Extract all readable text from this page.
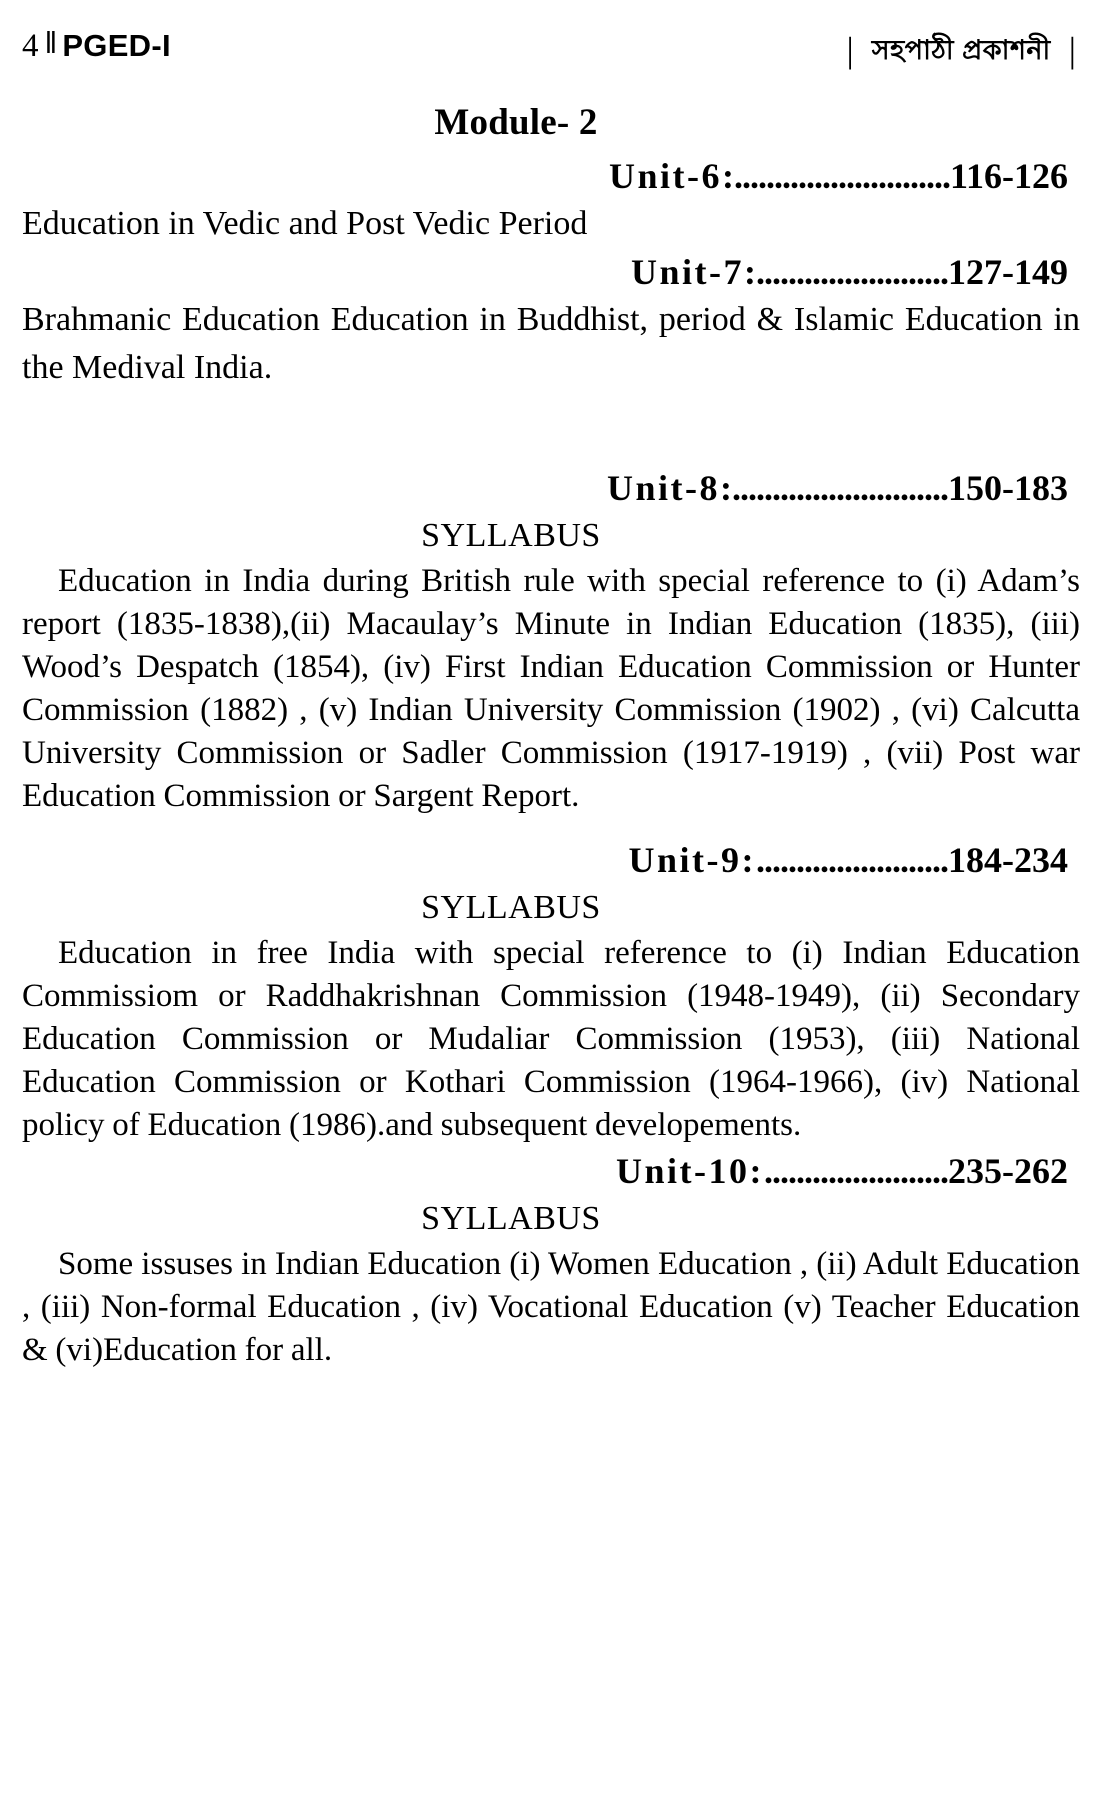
4 ‖ PGED-I	| সহপাঠী প্রকাশনী |
Module- 2
Unit-6:...........................116-126
Education in Vedic and Post Vedic Period
Unit-7:........................127-149
Brahmanic Education Education in Buddhist, period & Islamic Education in the Medival India.
Unit-8:...........................150-183
SYLLABUS
Education in India during British rule with special reference to (i) Adam’s report (1835-1838),(ii) Macaulay’s Minute in Indian Education (1835), (iii) Wood’s Despatch (1854), (iv) First Indian Education Commission or Hunter Commission (1882) , (v) Indian University Commission (1902) , (vi) Calcutta University Commission or Sadler Commission (1917-1919) , (vii) Post war Education Commission or Sargent Report.
Unit-9:........................184-234
SYLLABUS
Education in free India with special reference to (i) Indian Education Commissiom or Raddhakrishnan Commission (1948-1949), (ii) Secondary Education Commission or Mudaliar Commission (1953), (iii) National Education Commission or Kothari Commission (1964-1966), (iv) National policy of Education (1986).and subsequent developements.
Unit-10:.......................235-262
SYLLABUS
Some issuses in Indian Education (i) Women Education , (ii) Adult Education , (iii) Non-formal Education , (iv) Vocational Education (v) Teacher Education & (vi)Education for all.
